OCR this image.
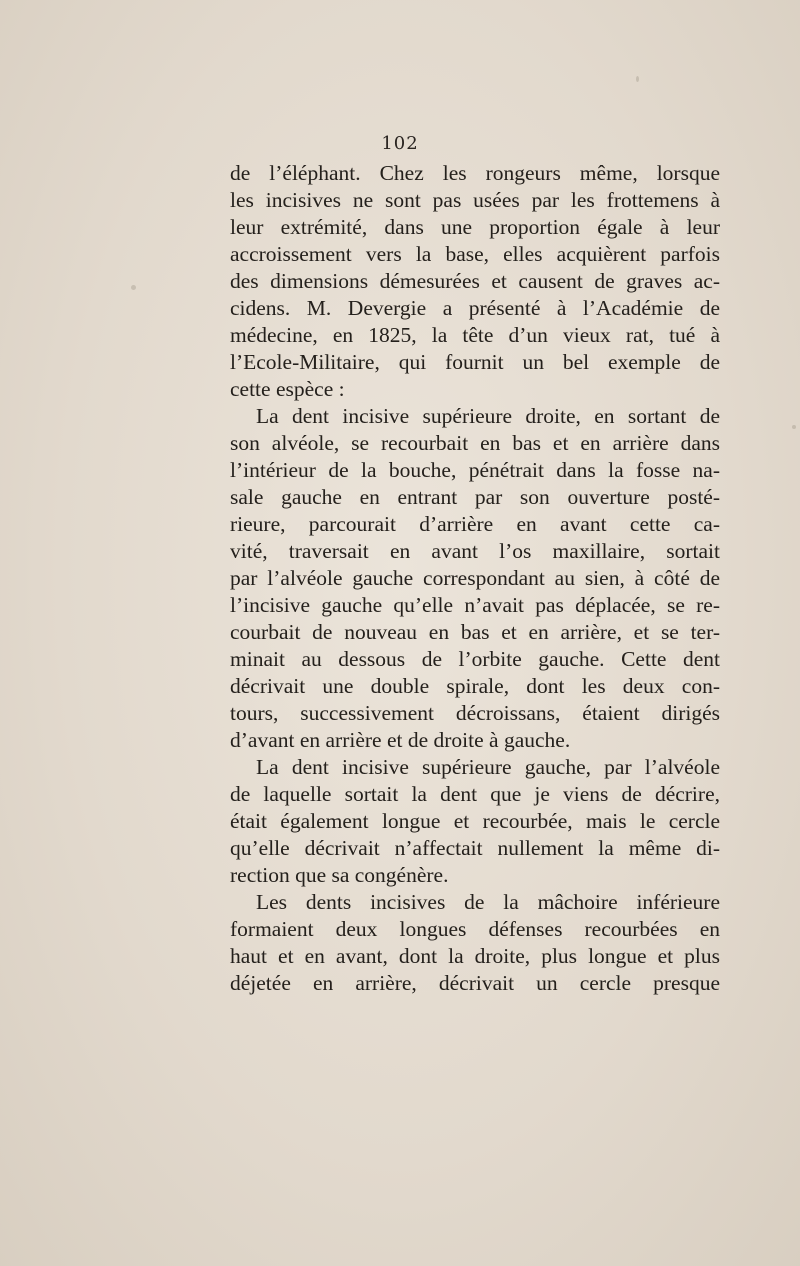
102
de l’éléphant. Chez les rongeurs même, lorsque
les incisives ne sont pas usées par les frottemens à
leur extrémité, dans une proportion égale à leur
accroissement vers la base, elles acquièrent parfois
des dimensions démesurées et causent de graves ac-
cidens. M. Devergie a présenté à l’Académie de
médecine, en 1825, la tête d’un vieux rat, tué à
l’Ecole-Militaire, qui fournit un bel exemple de
cette espèce :
La dent incisive supérieure droite, en sortant de
son alvéole, se recourbait en bas et en arrière dans
l’intérieur de la bouche, pénétrait dans la fosse na-
sale gauche en entrant par son ouverture posté-
rieure, parcourait d’arrière en avant cette ca-
vité, traversait en avant l’os maxillaire, sortait
par l’alvéole gauche correspondant au sien, à côté de
l’incisive gauche qu’elle n’avait pas déplacée, se re-
courbait de nouveau en bas et en arrière, et se ter-
minait au dessous de l’orbite gauche. Cette dent
décrivait une double spirale, dont les deux con-
tours, successivement décroissans, étaient dirigés
d’avant en arrière et de droite à gauche.
La dent incisive supérieure gauche, par l’alvéole
de laquelle sortait la dent que je viens de décrire,
était également longue et recourbée, mais le cercle
qu’elle décrivait n’affectait nullement la même di-
rection que sa congénère.
Les dents incisives de la mâchoire inférieure
formaient deux longues défenses recourbées en
haut et en avant, dont la droite, plus longue et plus
déjetée en arrière, décrivait un cercle presque
